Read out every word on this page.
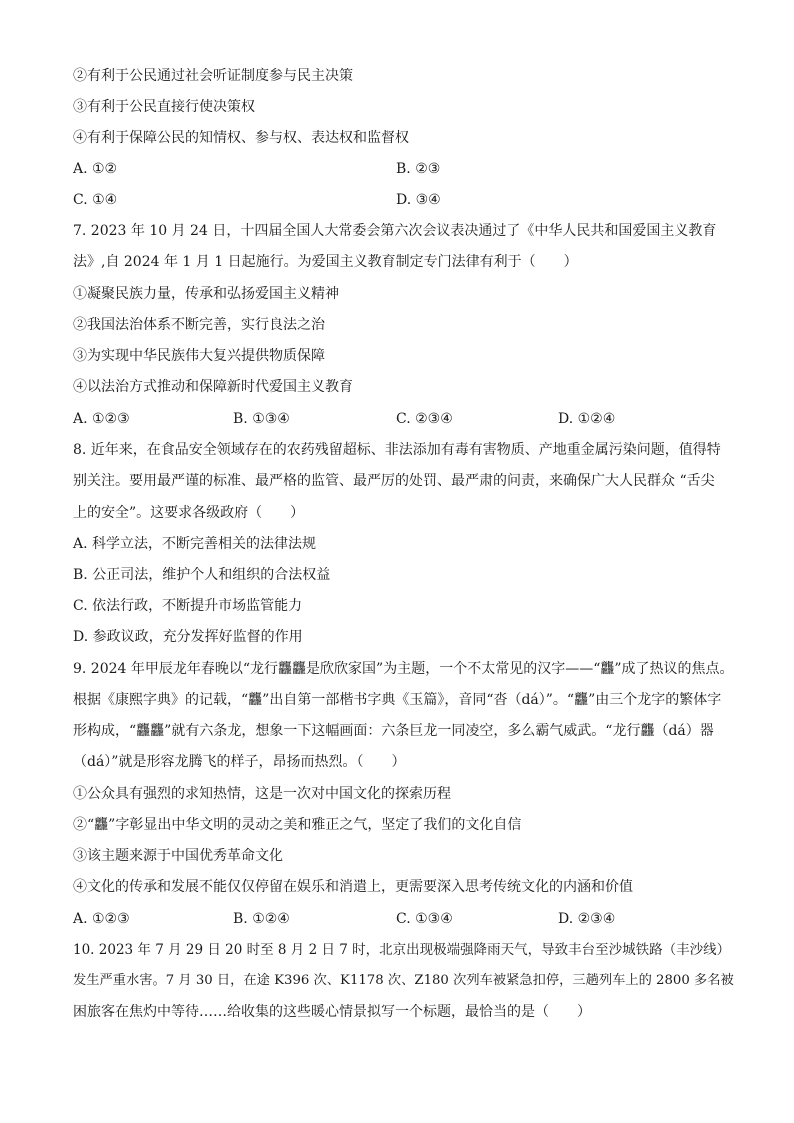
②有利于公民通过社会听证制度参与民主决策
③有利于公民直接行使决策权
④有利于保障公民的知情权、参与权、表达权和监督权
A. ①②	B. ②③
C. ①④	D. ③④
7. 2023 年 10 月 24 日，十四届全国人大常委会第六次会议表决通过了《中华人民共和国爱国主义教育
法》,自 2024 年 1 月 1 日起施行。为爱国主义教育制定专门法律有利于（　　）
①凝聚民族力量，传承和弘扬爱国主义精神
②我国法治体系不断完善，实行良法之治
③为实现中华民族伟大复兴提供物质保障
④以法治方式推动和保障新时代爱国主义教育
A. ①②③	B. ①③④	C. ②③④	D. ①②④
8. 近年来，在食品安全领域存在的农药残留超标、非法添加有毒有害物质、产地重金属污染问题，值得特
别关注。要用最严谨的标准、最严格的监管、最严厉的处罚、最严肃的问责，来确保广大人民群众 “舌尖
上的安全”。这要求各级政府（　　）
A. 科学立法，不断完善相关的法律法规
B. 公正司法，维护个人和组织的合法权益
C. 依法行政，不断提升市场监管能力
D. 参政议政，充分发挥好监督的作用
9. 2024 年甲辰龙年春晚以“龙行龘龘是欣欣家国”为主题，一个不太常见的汉字——“龘”成了热议的焦点。
根据《康熙字典》的记载，“龘”出自第一部楷书字典《玉篇》，音同“沓（dá）”。“龘”由三个龙字的繁体字
形构成，“龘龘”就有六条龙，想象一下这幅画面：六条巨龙一同凌空，多么霸气威武。“龙行龘（dá）器
（dá）”就是形容龙腾飞的样子，昂扬而热烈。（　　）
①公众具有强烈的求知热情，这是一次对中国文化的探索历程
②“龘”字彰显出中华文明的灵动之美和雅正之气，坚定了我们的文化自信
③该主题来源于中国优秀革命文化
④文化的传承和发展不能仅仅停留在娱乐和消遣上，更需要深入思考传统文化的内涵和价值
A. ①②③	B. ①②④	C. ①③④	D. ②③④
10. 2023 年 7 月 29 日 20 时至 8 月 2 日 7 时，北京出现极端强降雨天气，导致丰台至沙城铁路（丰沙线）
发生严重水害。7 月 30 日，在途 K396 次、K1178 次、Z180 次列车被紧急扣停，三趟列车上的 2800 多名被
困旅客在焦灼中等待……给收集的这些暖心情景拟写一个标题，最恰当的是（　　）
